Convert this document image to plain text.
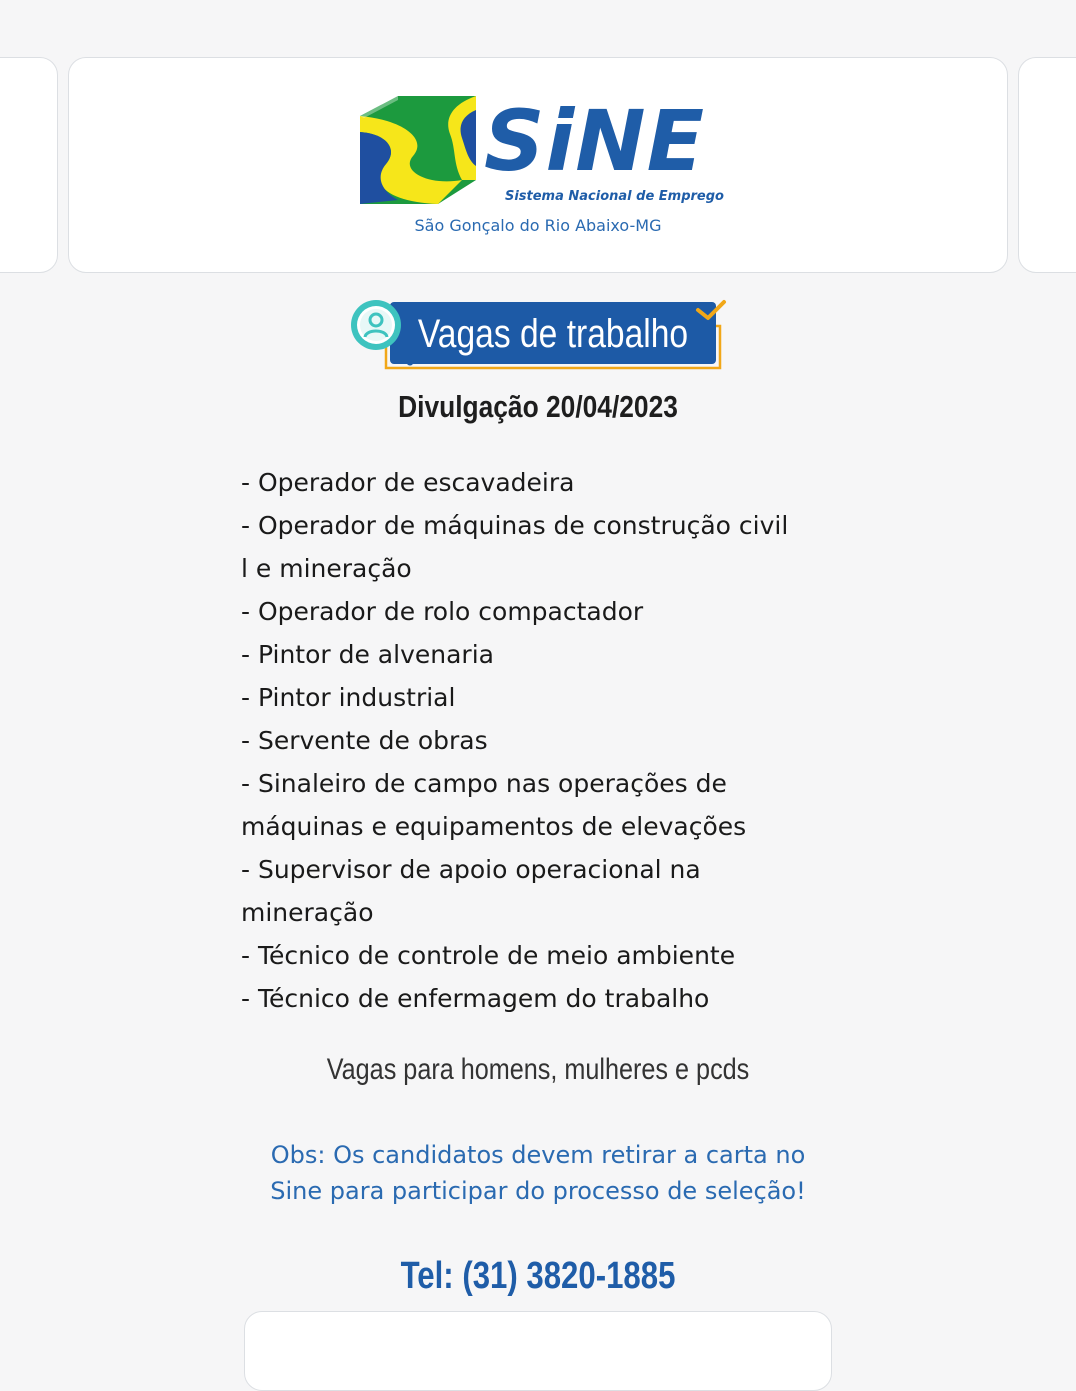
SiNE
Sistema Nacional de Emprego
São Gonçalo do Rio Abaixo-MG
Vagas de trabalho
Divulgação 20/04/2023
- Operador de escavadeira
- Operador de máquinas de construção civil
l e mineração
- Operador de rolo compactador
- Pintor de alvenaria
- Pintor industrial
- Servente de obras
- Sinaleiro de campo nas operações de
máquinas e equipamentos de elevações
- Supervisor de apoio operacional na
mineração
- Técnico de controle de meio ambiente
- Técnico de enfermagem do trabalho
Vagas para homens, mulheres e pcds
Obs: Os candidatos devem retirar a carta no
Sine para participar do processo de seleção!
Tel: (31) 3820-1885
